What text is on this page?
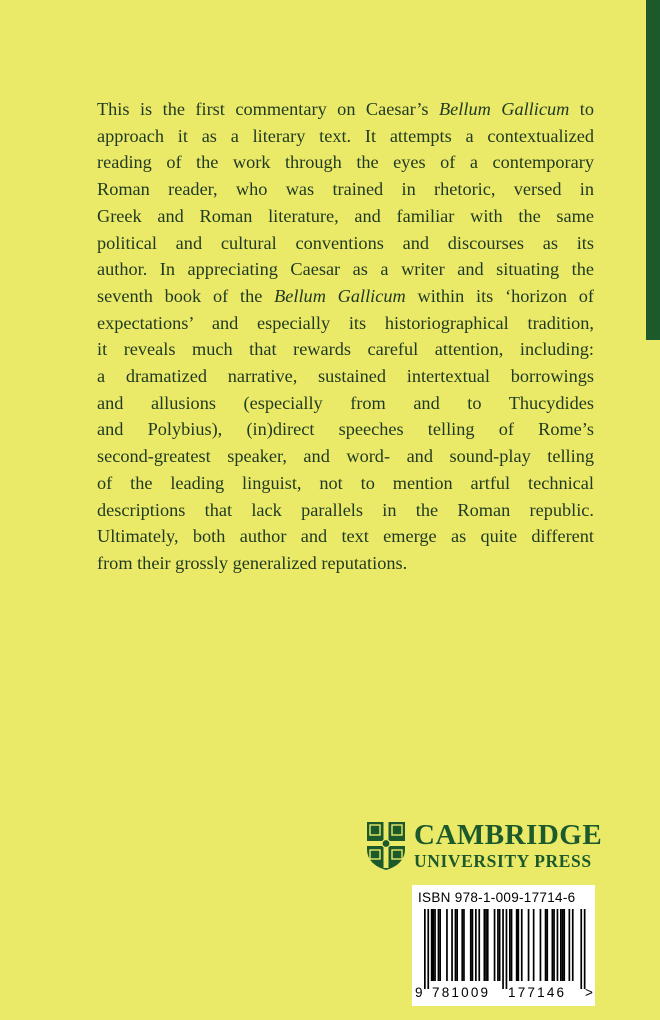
This is the first commentary on Caesar’s Bellum Gallicum to
approach it as a literary text. It attempts a contextualized
reading of the work through the eyes of a contemporary
Roman reader, who was trained in rhetoric, versed in
Greek and Roman literature, and familiar with the same
political and cultural conventions and discourses as its
author. In appreciating Caesar as a writer and situating the
seventh book of the Bellum Gallicum within its ‘horizon of
expectations’ and especially its historiographical tradition,
it reveals much that rewards careful attention, including:
a dramatized narrative, sustained intertextual borrowings
and allusions (especially from and to Thucydides
and Polybius), (in)direct speeches telling of Rome’s
second-greatest speaker, and word- and sound-play telling
of the leading linguist, not to mention artful technical
descriptions that lack parallels in the Roman republic.
Ultimately, both author and text emerge as quite different
from their grossly generalized reputations.
CAMBRIDGE
UNIVERSITY PRESS
ISBN 978-1-009-17714-6
9 781009 177146 >
